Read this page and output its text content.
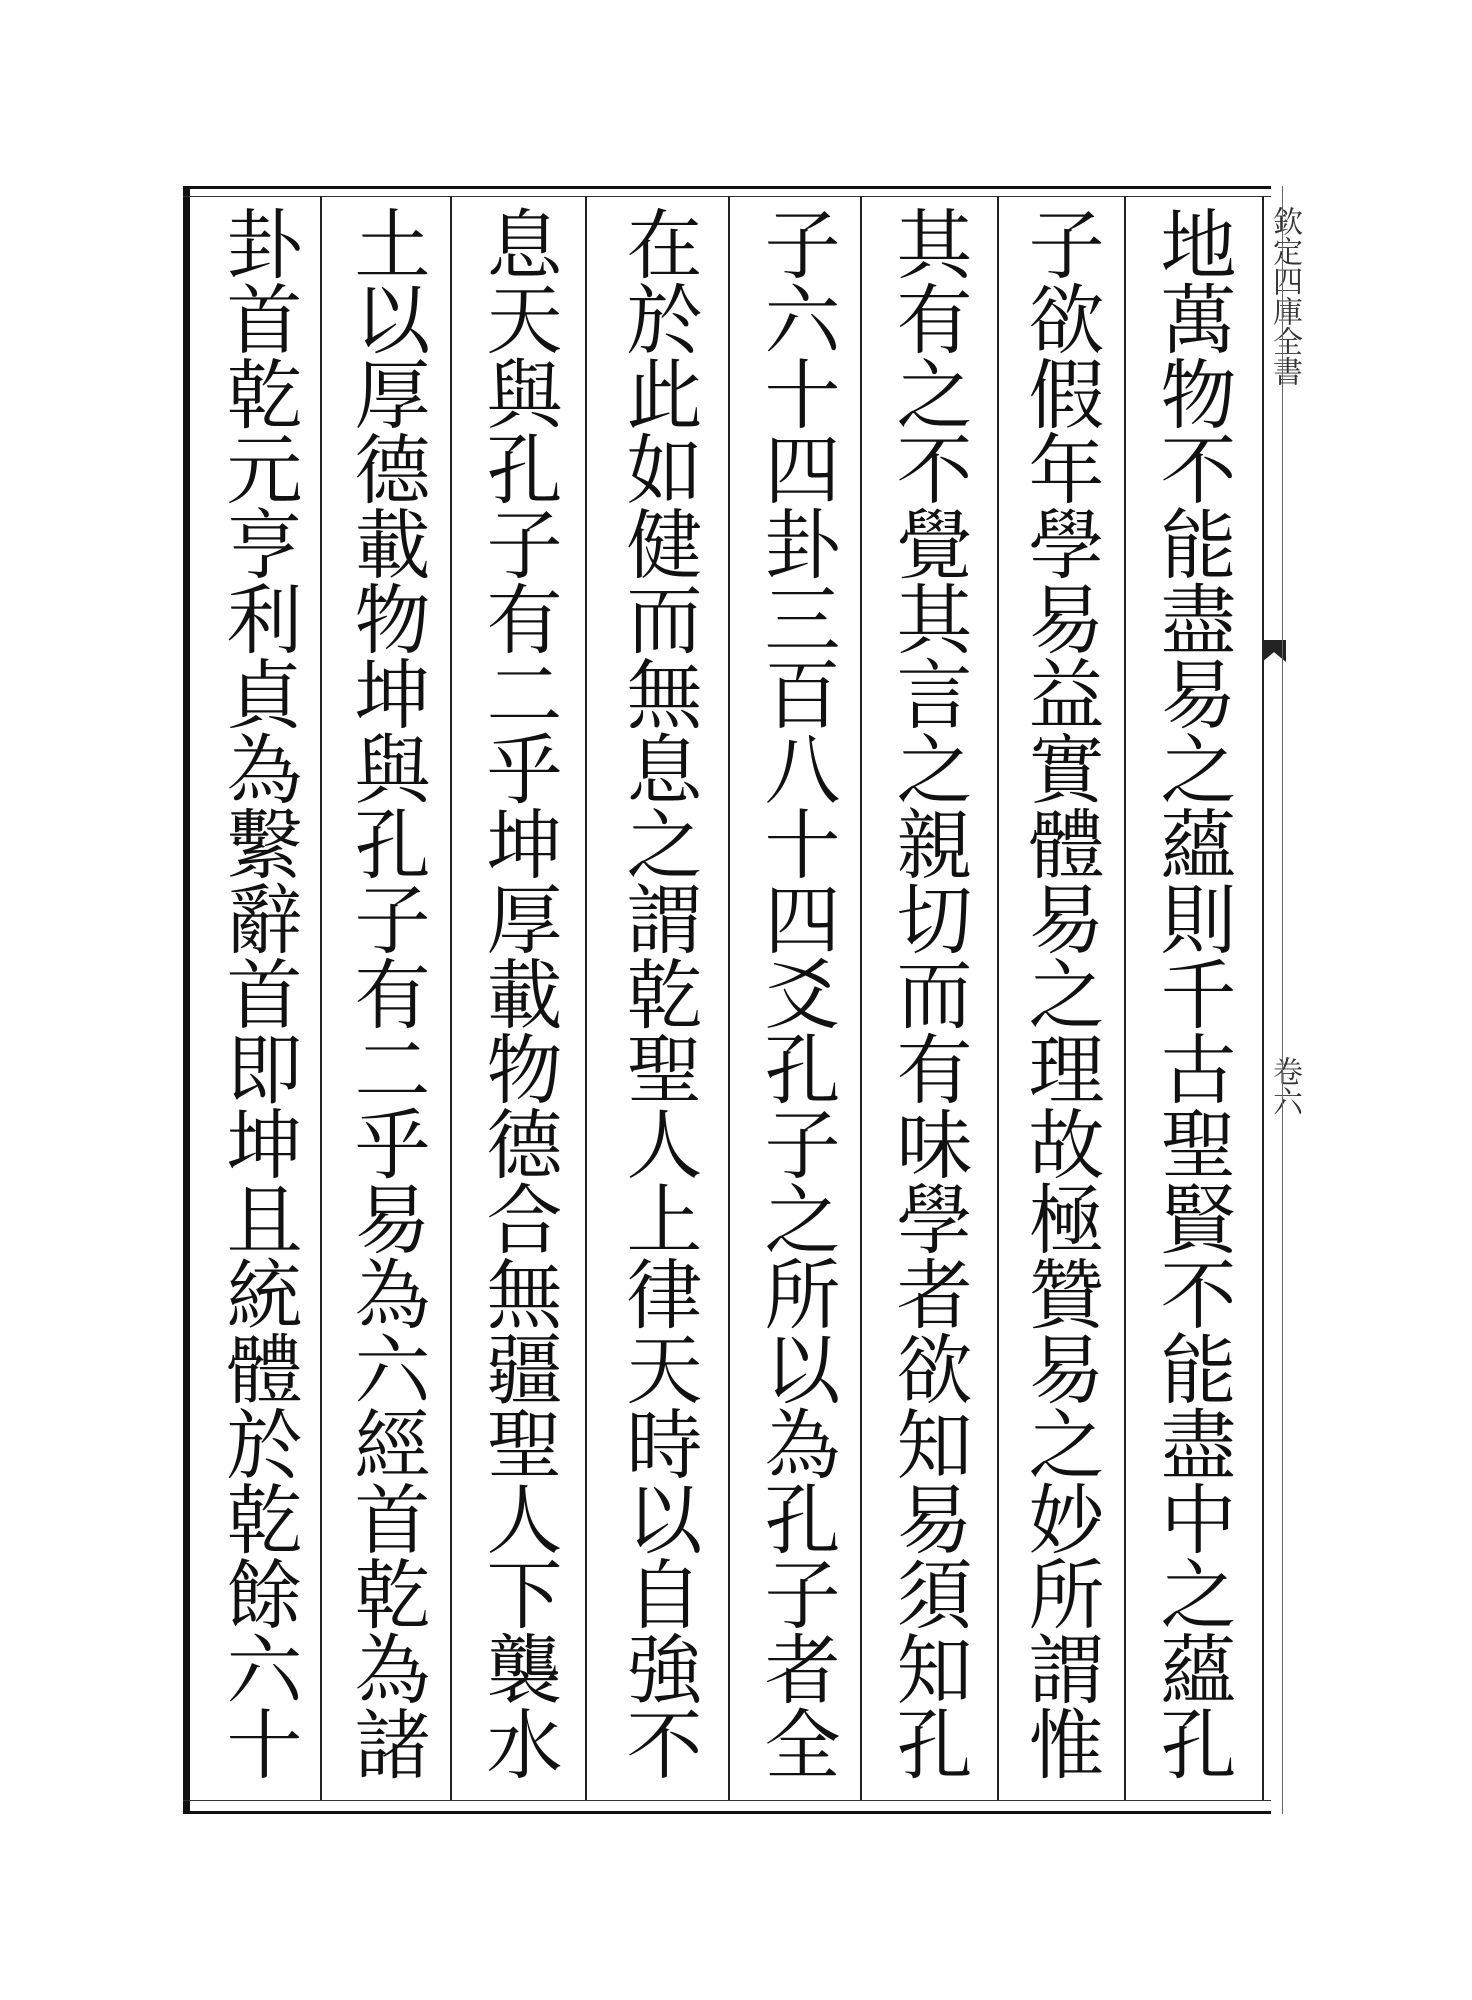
地萬物不能盡易之蘊則千古聖賢不能盡中之蘊孔
子欲假年學易益實體易之理故極贊易之妙所謂惟
其有之不覺其言之親切而有味學者欲知易須知孔
子六十四卦三百八十四爻孔子之所以為孔子者全
在於此如健而無息之謂乾聖人上律天時以自強不
息天與孔子有二乎坤厚載物德合無疆聖人下襲水
土以厚德載物坤與孔子有二乎易為六經首乾為諸
卦首乾元亨利貞為繫辭首即坤且統體於乾餘六十	欽定四庫全書
卷六
